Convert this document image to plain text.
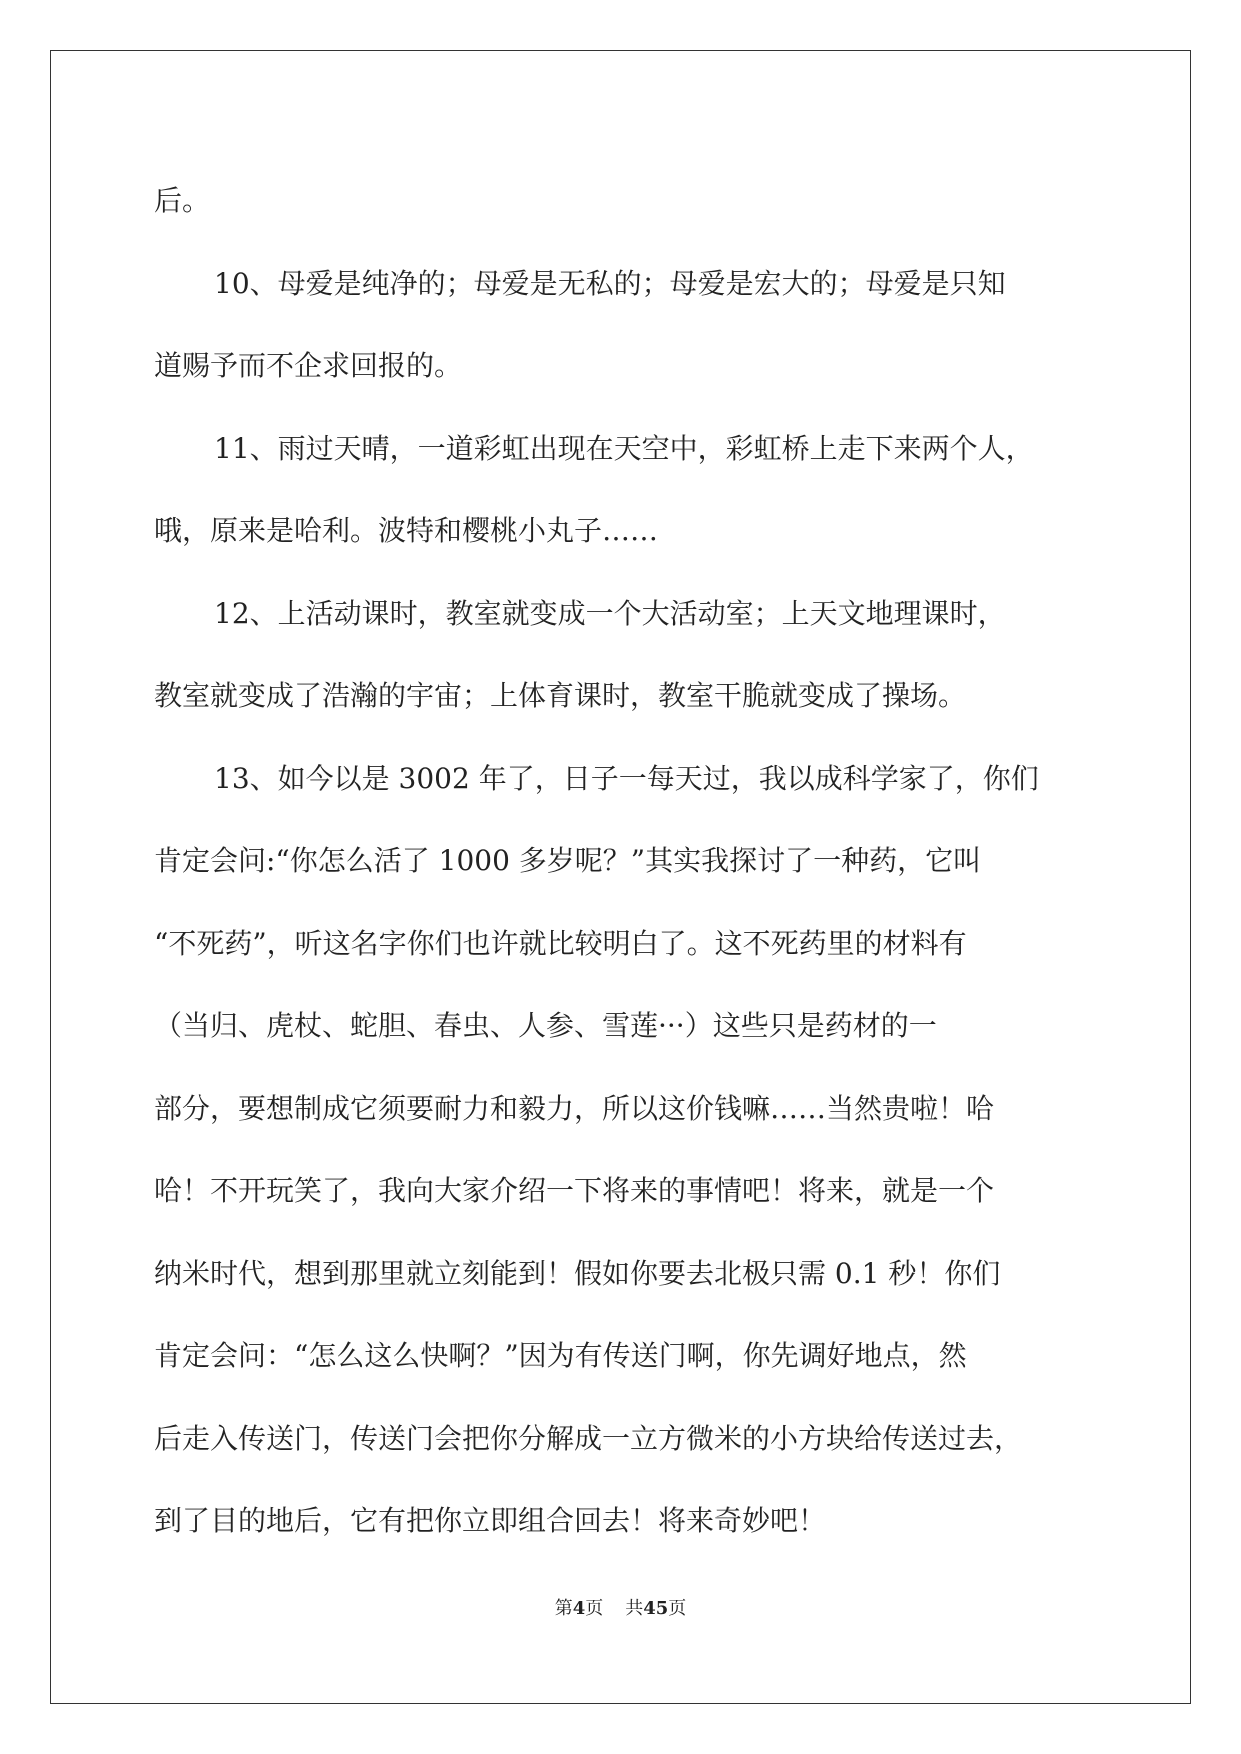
后。
10、母爱是纯净的；母爱是无私的；母爱是宏大的；母爱是只知
道赐予而不企求回报的。
11、雨过天晴，一道彩虹出现在天空中，彩虹桥上走下来两个人，
哦，原来是哈利。波特和樱桃小丸子……
12、上活动课时，教室就变成一个大活动室；上天文地理课时，
教室就变成了浩瀚的宇宙；上体育课时，教室干脆就变成了操场。
13、如今以是 3002 年了，日子一每天过，我以成科学家了，你们
肯定会问:“你怎么活了 1000 多岁呢？”其实我探讨了一种药，它叫
“不死药”，听这名字你们也许就比较明白了。这不死药里的材料有
（当归、虎杖、蛇胆、春虫、人参、雪莲···）这些只是药材的一
部分，要想制成它须要耐力和毅力，所以这价钱嘛……当然贵啦！哈
哈！不开玩笑了，我向大家介绍一下将来的事情吧！将来，就是一个
纳米时代，想到那里就立刻能到！假如你要去北极只需 0.1 秒！你们
肯定会问：“怎么这么快啊？”因为有传送门啊，你先调好地点，然
后走入传送门，传送门会把你分解成一立方微米的小方块给传送过去，
到了目的地后，它有把你立即组合回去！将来奇妙吧！
第4页 共45页
